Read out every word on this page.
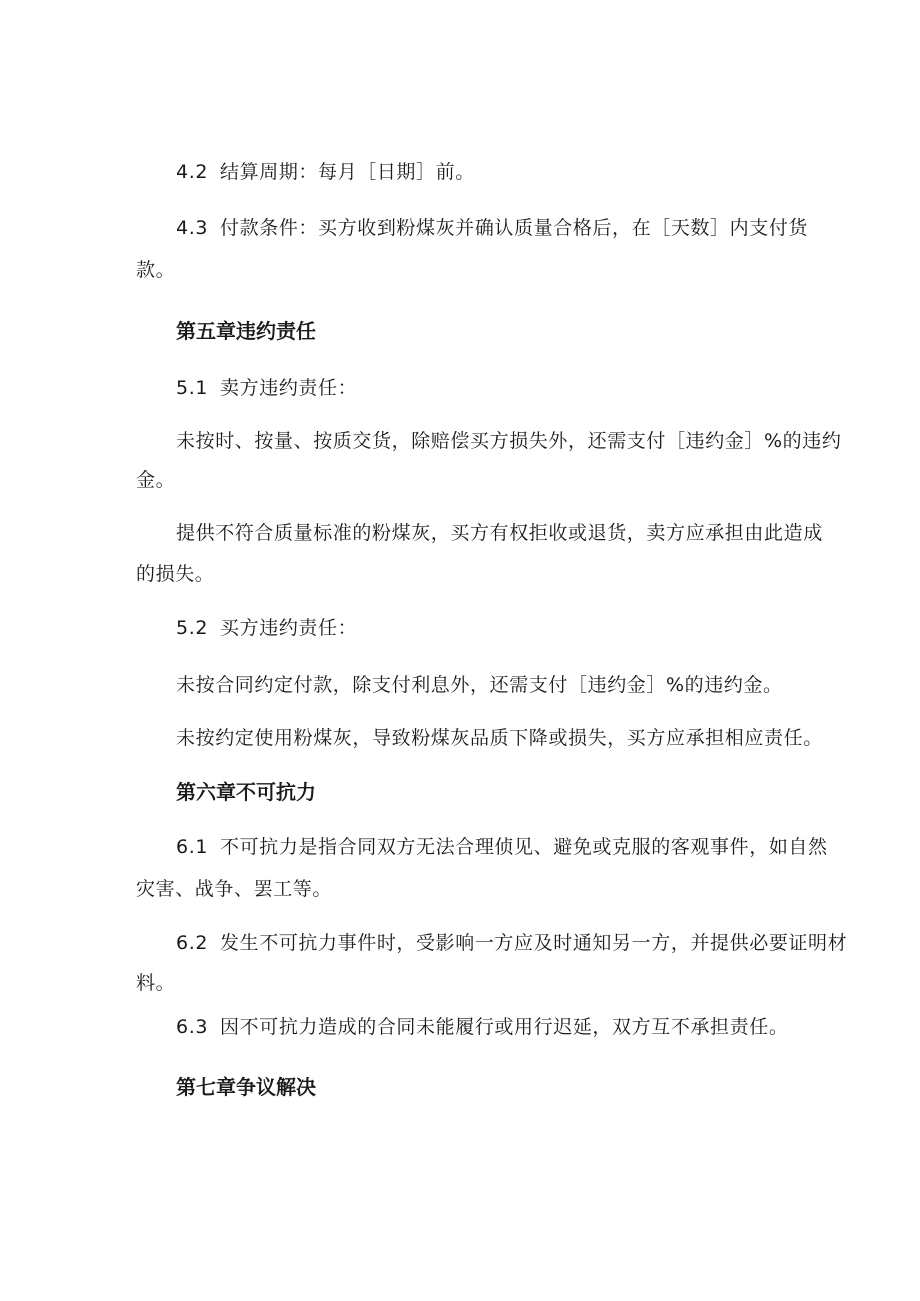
4.2 结算周期：每月［日期］前。
4.3 付款条件：买方收到粉煤灰并确认质量合格后，在［天数］内支付货
款。
第五章违约责任
5.1 卖方违约责任：
未按时、按量、按质交货，除赔偿买方损失外，还需支付［违约金］%的违约
金。
提供不符合质量标准的粉煤灰，买方有权拒收或退货，卖方应承担由此造成
的损失。
5.2 买方违约责任：
未按合同约定付款，除支付利息外，还需支付［违约金］%的违约金。
未按约定使用粉煤灰，导致粉煤灰品质下降或损失，买方应承担相应责任。
第六章不可抗力
6.1 不可抗力是指合同双方无法合理侦见、避免或克服的客观事件，如自然
灾害、战争、罢工等。
6.2 发生不可抗力事件时，受影响一方应及时通知另一方，并提供必要证明材
料。
6.3 因不可抗力造成的合同未能履行或用行迟延，双方互不承担责任。
第七章争议解决
